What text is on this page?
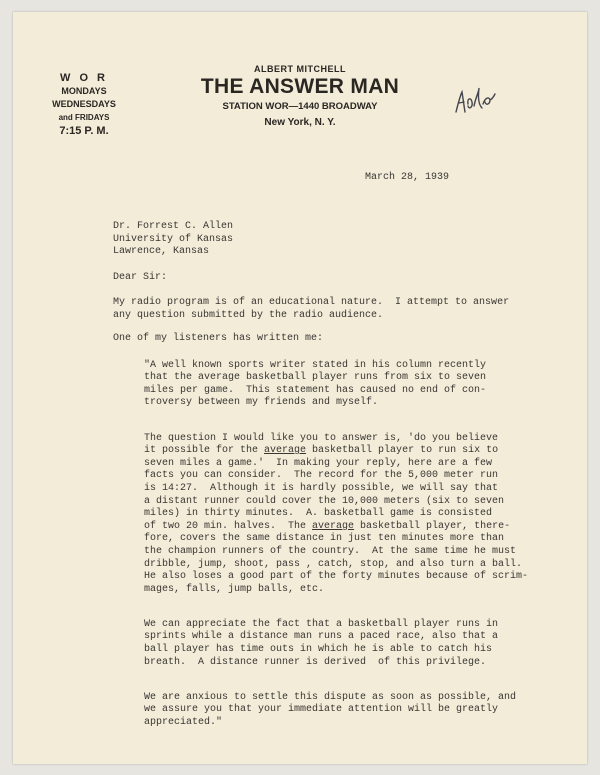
W O R
MONDAYS
WEDNESDAYS
and FRIDAYS
7:15 P. M.
ALBERT MITCHELL
THE ANSWER MAN
STATION WOR—1440 BROADWAY
New York, N. Y.
March 28, 1939
Dr. Forrest C. Allen
University of Kansas
Lawrence, Kansas
Dear Sir:
My radio program is of an educational nature.  I attempt to answer
any question submitted by the radio audience.
One of my listeners has written me:

"A well known sports writer stated in his column recently
that the average basketball player runs from six to seven
miles per game.  This statement has caused no end of con-
troversy between my friends and myself.

The question I would like you to answer is, 'do you believe
it possible for the average basketball player to run six to
seven miles a game.'  In making your reply, here are a few
facts you can consider.  The record for the 5,000 meter run
is 14:27.  Although it is hardly possible, we will say that
a distant runner could cover the 10,000 meters (six to seven
miles) in thirty minutes.  A. basketball game is consisted
of two 20 min. halves.  The average basketball player, there-
fore, covers the same distance in just ten minutes more than
the champion runners of the country.  At the same time he must
dribble, jump, shoot, pass , catch, stop, and also turn a ball.
He also loses a good part of the forty minutes because of scrim-
mages, falls, jump balls, etc.

We can appreciate the fact that a basketball player runs in
sprints while a distance man runs a paced race, also that a
ball player has time outs in which he is able to catch his
breath.  A distance runner is derived  of this privilege.

We are anxious to settle this dispute as soon as possible, and
we assure you that your immediate attention will be greatly
appreciated."
